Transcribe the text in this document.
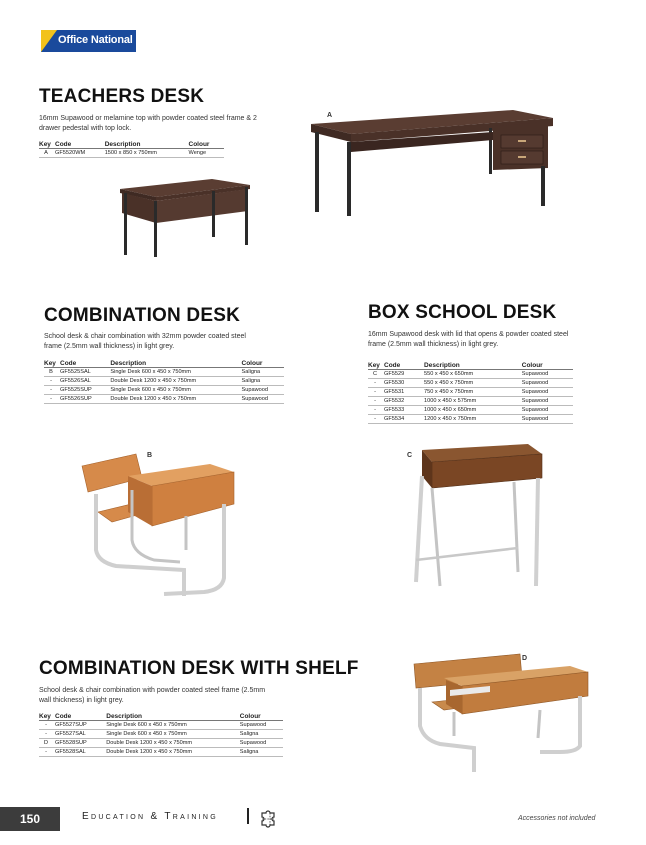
Office National
TEACHERS DESK
16mm Supawood or melamine top with powder coated steel frame & 2 drawer pedestal with top lock.
Key	Code	Description	Colour
A	GF5520WM	1500 x 850 x 750mm	Wenge
A
COMBINATION DESK
School desk & chair combination with 32mm powder coated steel frame (2.5mm wall thickness) in light grey.
Key	Code	Description	Colour
B	GF5525SAL	Single Desk 600 x 450 x 750mm	Saligna
-	GF5526SAL	Double Desk 1200 x 450 x 750mm	Saligna
-	GF5525SUP	Single Desk 600 x 450 x 750mm	Supawood
-	GF5526SUP	Double Desk 1200 x 450 x 750mm	Supawood
B
BOX SCHOOL DESK
16mm Supawood desk with lid that opens & powder coated steel frame (2.5mm wall thickness) in light grey.
Key	Code	Description	Colour
C	GF5529	550 x 450 x 650mm	Supawood
-	GF5530	550 x 450 x 750mm	Supawood
-	GF5531	750 x 450 x 750mm	Supawood
-	GF5532	1000 x 450 x 575mm	Supawood
-	GF5533	1000 x 450 x 650mm	Supawood
-	GF5534	1200 x 450 x 750mm	Supawood
C
COMBINATION DESK WITH SHELF
School desk & chair combination with powder coated steel frame (2.5mm wall thickness) in light grey.
Key	Code	Description	Colour
-	GF5527SUP	Single Desk 600 x 450 x 750mm	Supawood
-	GF5527SAL	Single Desk 600 x 450 x 750mm	Saligna
D	GF5528SUP	Double Desk 1200 x 450 x 750mm	Supawood
-	GF5528SAL	Double Desk 1200 x 450 x 750mm	Saligna
D
150	Education & Training	Accessories not included
